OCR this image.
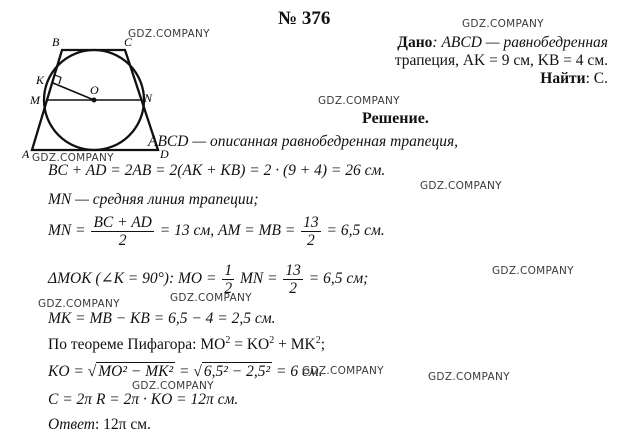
№ 376
B	C
K
M
O
N
A	D
Дано: ABCD — равнобедренная
трапеция, AK = 9 см, KB = 4 см.
Найти: C.
Решение.
ABCD — описанная равнобедренная трапеция,
BC + AD = 2AB = 2(AK + KB) = 2 · (9 + 4) = 26 см.
MN — средняя линия трапеции;
MN = $\frac{BC + AD}{2} = 13$ см, AM = MB = $\frac{13}{2} = 6,5$ см.
ΔMOK (∠K = 90°): MO = $\frac{1}{2}$ MN = $\frac{13}{2} = 6,5$ см;
MK = MB − KB = 6,5 − 4 = 2,5 см.
По теореме Пифагора: $MO^2 = KO^2 + MK^2$;
KO = √ MO² − MK² = √ 6,5² − 2,5² = 6 см.
C = 2π R = 2π · KO = 12π см.
Ответ: 12π см.
GDZ.COMPANY
GDZ.COMPANY
GDZ.COMPANY
GDZ.COMPANY
GDZ.COMPANY
GDZ.COMPANY
GDZ.COMPANY
GDZ.COMPANY
GDZ.COMPANY	GDZ.COMPANY
GDZ.COMPANY
